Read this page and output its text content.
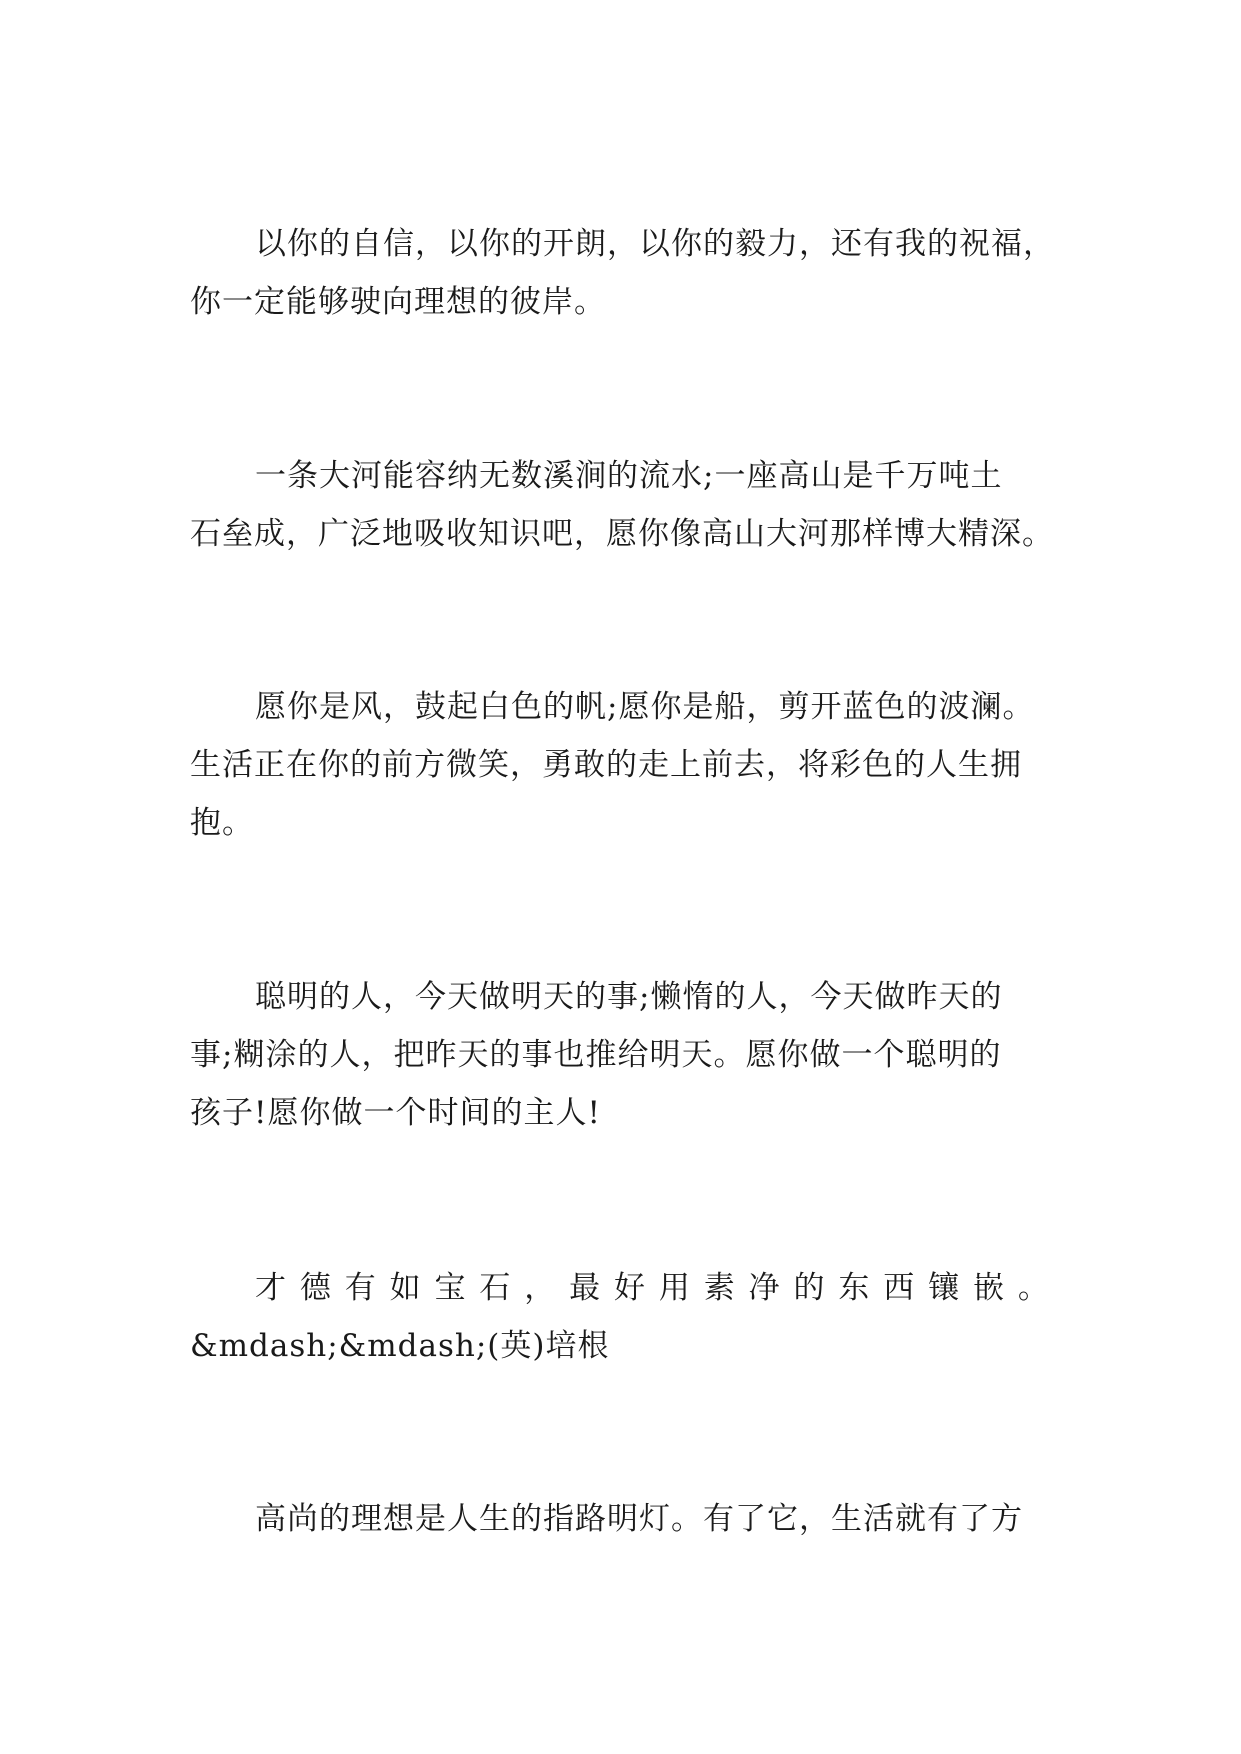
以你的自信，以你的开朗，以你的毅力，还有我的祝福，
你一定能够驶向理想的彼岸。
一条大河能容纳无数溪涧的流水;一座高山是千万吨土
石垒成，广泛地吸收知识吧，愿你像高山大河那样博大精深。
愿你是风，鼓起白色的帆;愿你是船，剪开蓝色的波澜。
生活正在你的前方微笑，勇敢的走上前去，将彩色的人生拥
抱。
聪明的人，今天做明天的事;懒惰的人，今天做昨天的
事;糊涂的人，把昨天的事也推给明天。愿你做一个聪明的
孩子!愿你做一个时间的主人!
才 德 有 如 宝 石 ， 最 好 用 素 净 的 东 西 镶 嵌 。
&mdash;&mdash;(英)培根
高尚的理想是人生的指路明灯。有了它，生活就有了方
